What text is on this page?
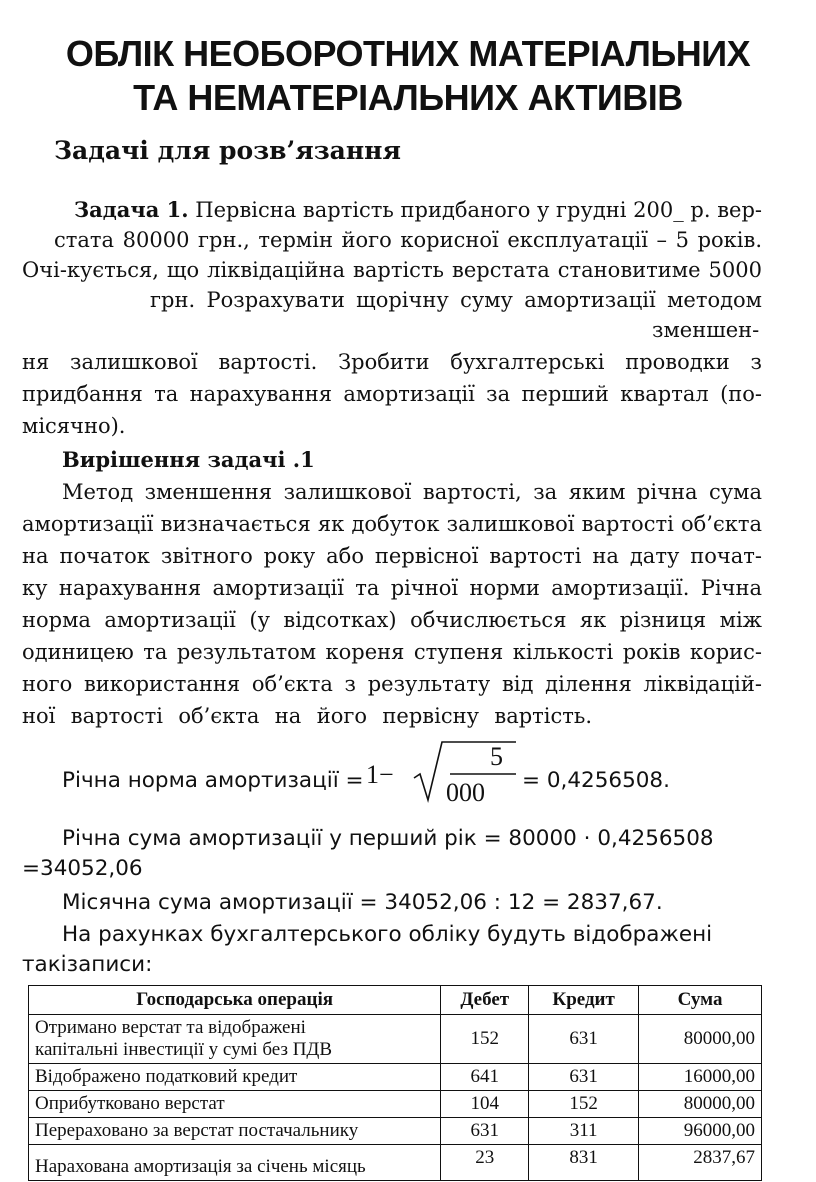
ОБЛІК НЕОБОРОТНИХ МАТЕРІАЛЬНИХ
ТА НЕМАТЕРІАЛЬНИХ АКТИВІВ
Задачі для розв’язання
Задача 1. Первісна вартість придбаного у грудні 200_ р. вер-
стата 80000 грн., термін його корисної експлуатації – 5 років.
Очі-кується, що ліквідаційна вартість верстата становитиме 5000
грн. Розрахувати щорічну суму амортизації методом
зменшен-
ня залишкової вартості. Зробити бухгалтерські проводки з
придбання та нарахування амортизації за перший квартал (по-
місячно).
Вирішення задачі .1
Метод зменшення залишкової вартості, за яким річна сума
амортизації визначається як добуток залишкової вартості об’єкта
на початок звітного року або первісної вартості на дату почат-
ку нарахування амортизації та річної норми амортизації. Річна
норма амортизації (у відсотках) обчислюється як різниця між
одиницею та результатом кореня ступеня кількості років корис-
ного використання об’єкта з результату від ділення ліквідацій-
ної вартості об’єкта на його первісну вартість.
Річна норма амортизації = 1−
5
000 = 0,4256508.
Річна сума амортизації у перший рік = 80000 · 0,4256508
=34052,06
Місячна сума амортизації = 34052,06 : 12 = 2837,67.
На рахунках бухгалтерського обліку будуть відображені
такізаписи:
Господарська операція	Дебет	Кредит	Сума

Отримано верстат та відображені
капітальні інвестиції у сумі без ПДВ	152	631	80000,00
Відображено податковий кредит	641	631	16000,00
Оприбутковано верстат	104	152	80000,00
Перераховано за верстат постачальнику	631	311	96000,00
Нарахована амортизація за січень місяць	23	831	2837,67
